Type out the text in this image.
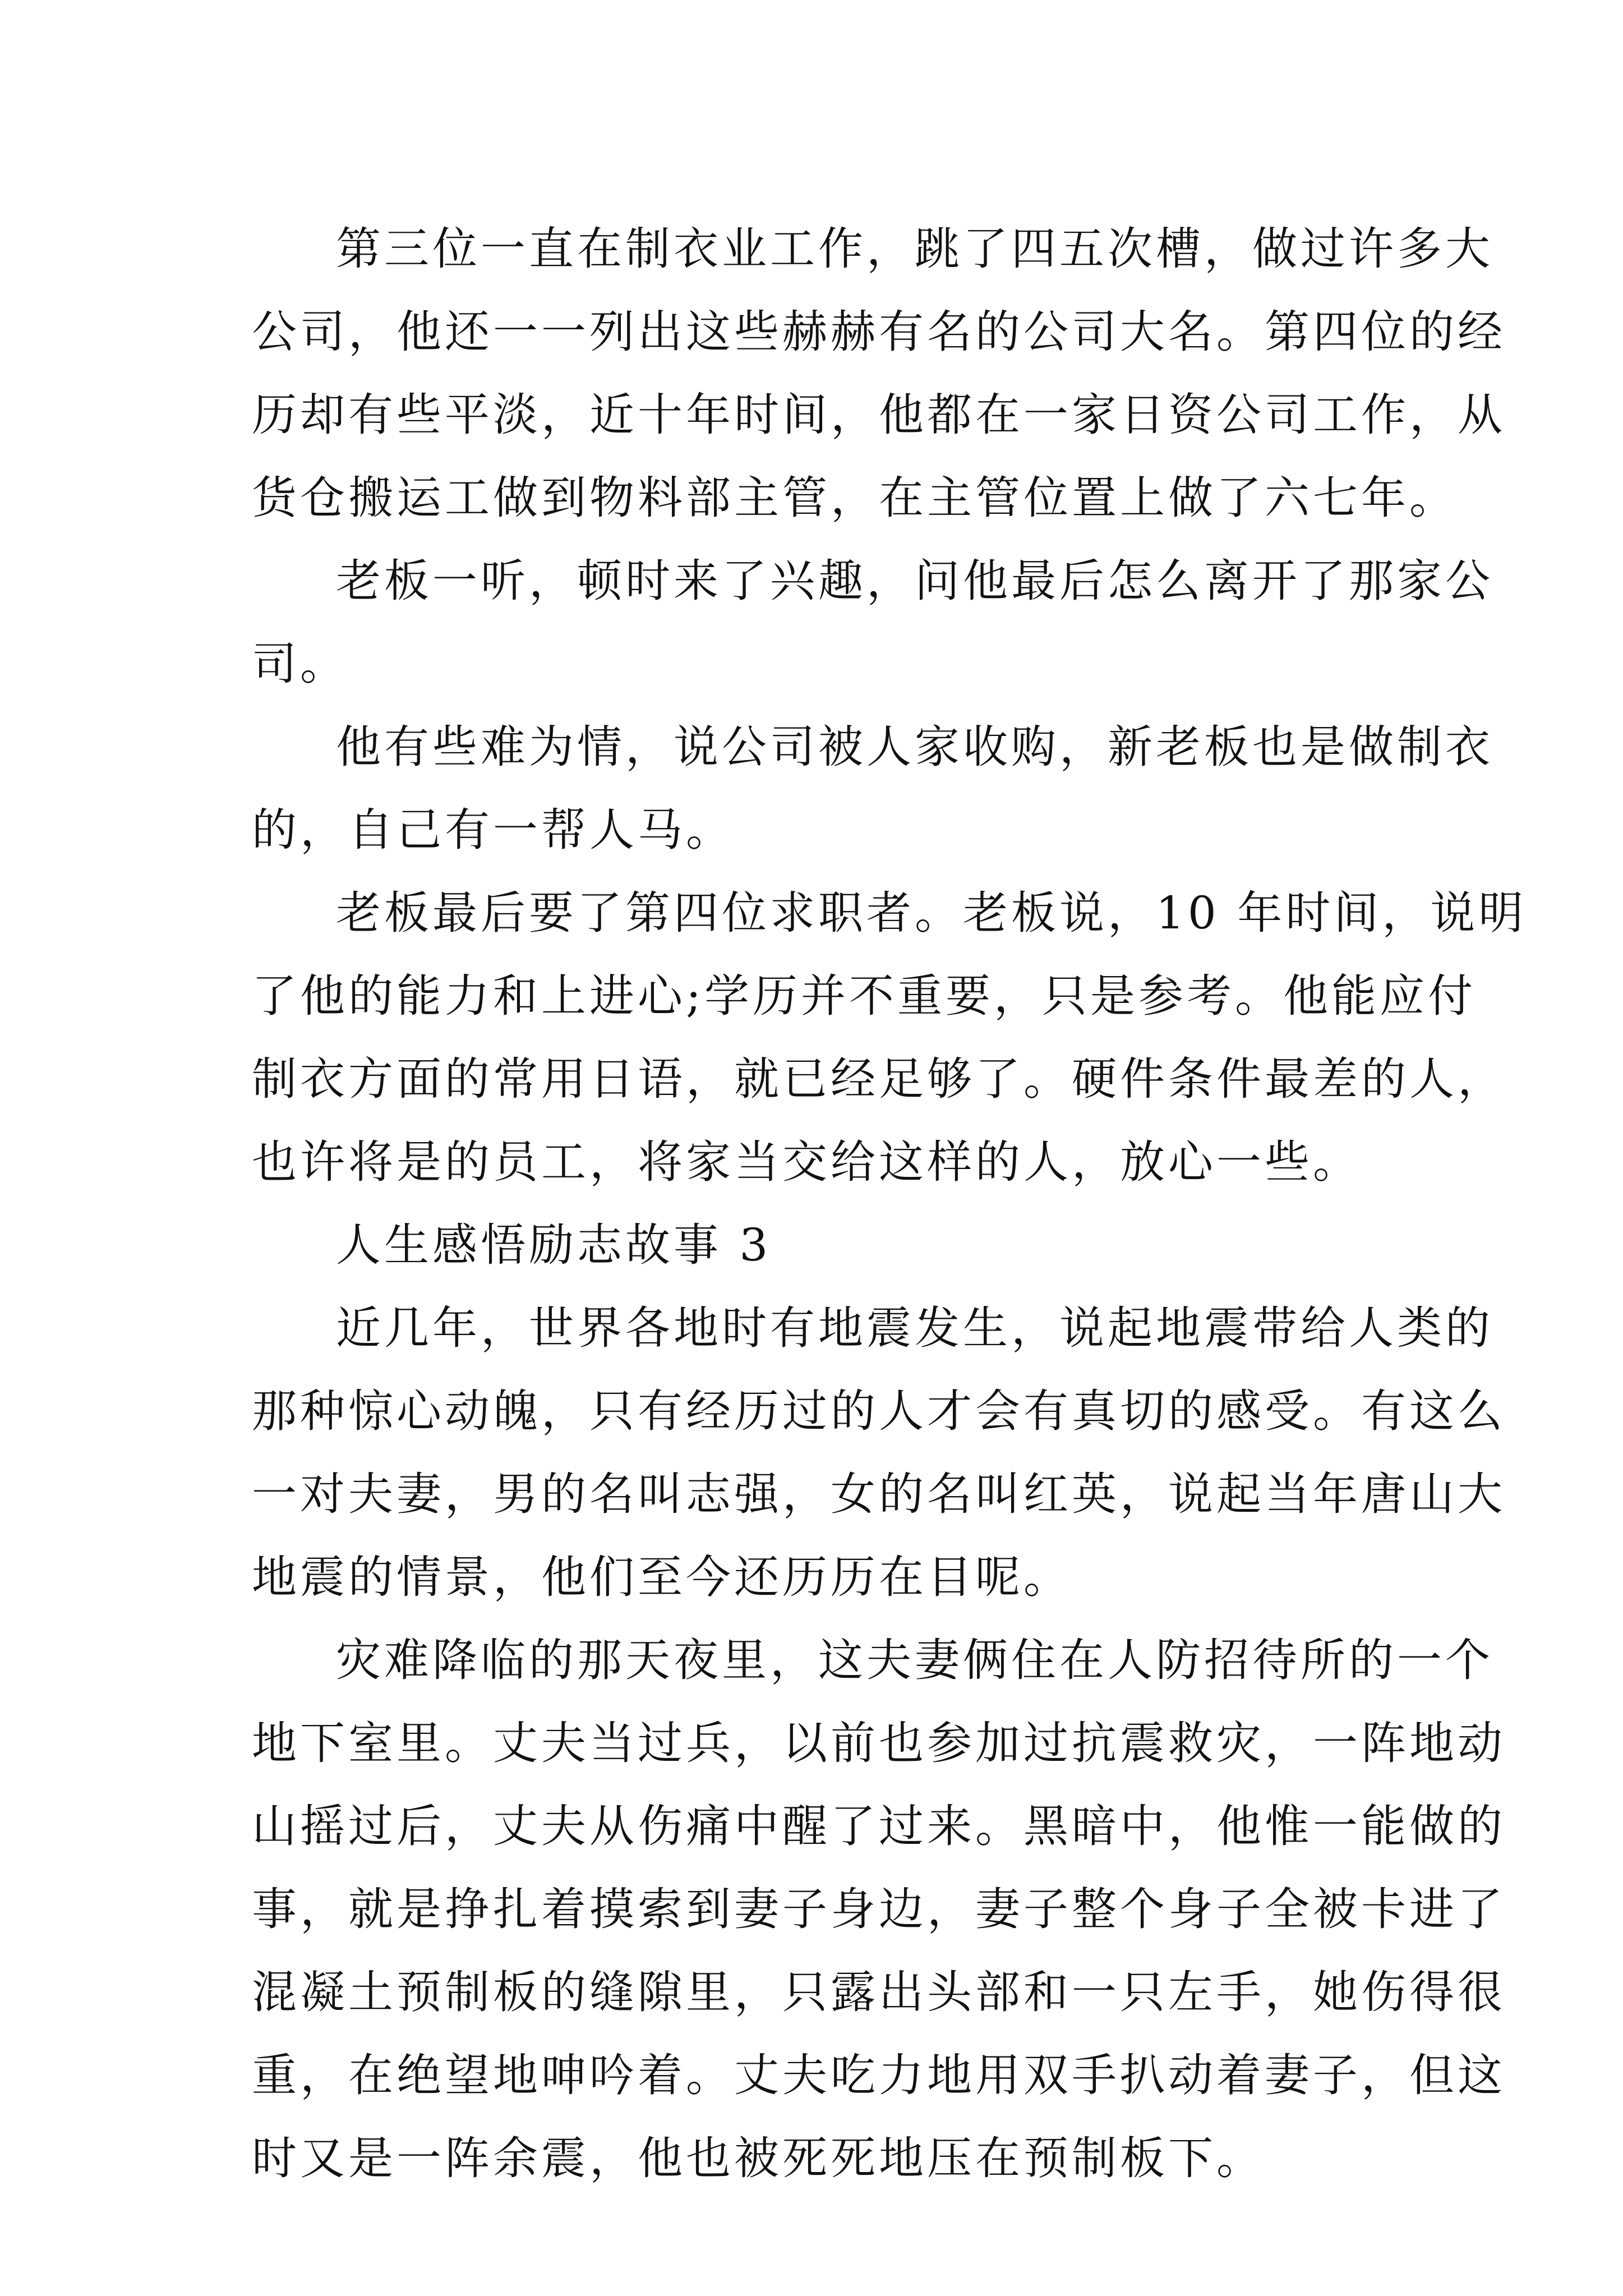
第三位一直在制衣业工作，跳了四五次槽，做过许多大
公司，他还一一列出这些赫赫有名的公司大名。第四位的经
历却有些平淡，近十年时间，他都在一家日资公司工作，从
货仓搬运工做到物料部主管，在主管位置上做了六七年。
老板一听，顿时来了兴趣，问他最后怎么离开了那家公
司。
他有些难为情，说公司被人家收购，新老板也是做制衣
的，自己有一帮人马。
老板最后要了第四位求职者。老板说，10 年时间，说明
了他的能力和上进心;学历并不重要，只是参考。他能应付
制衣方面的常用日语，就已经足够了。硬件条件最差的人，
也许将是的员工，将家当交给这样的人，放心一些。
人生感悟励志故事 3
近几年，世界各地时有地震发生，说起地震带给人类的
那种惊心动魄，只有经历过的人才会有真切的感受。有这么
一对夫妻，男的名叫志强，女的名叫红英，说起当年唐山大
地震的情景，他们至今还历历在目呢。
灾难降临的那天夜里，这夫妻俩住在人防招待所的一个
地下室里。丈夫当过兵，以前也参加过抗震救灾，一阵地动
山摇过后，丈夫从伤痛中醒了过来。黑暗中，他惟一能做的
事，就是挣扎着摸索到妻子身边，妻子整个身子全被卡进了
混凝土预制板的缝隙里，只露出头部和一只左手，她伤得很
重，在绝望地呻吟着。丈夫吃力地用双手扒动着妻子，但这
时又是一阵余震，他也被死死地压在预制板下。
